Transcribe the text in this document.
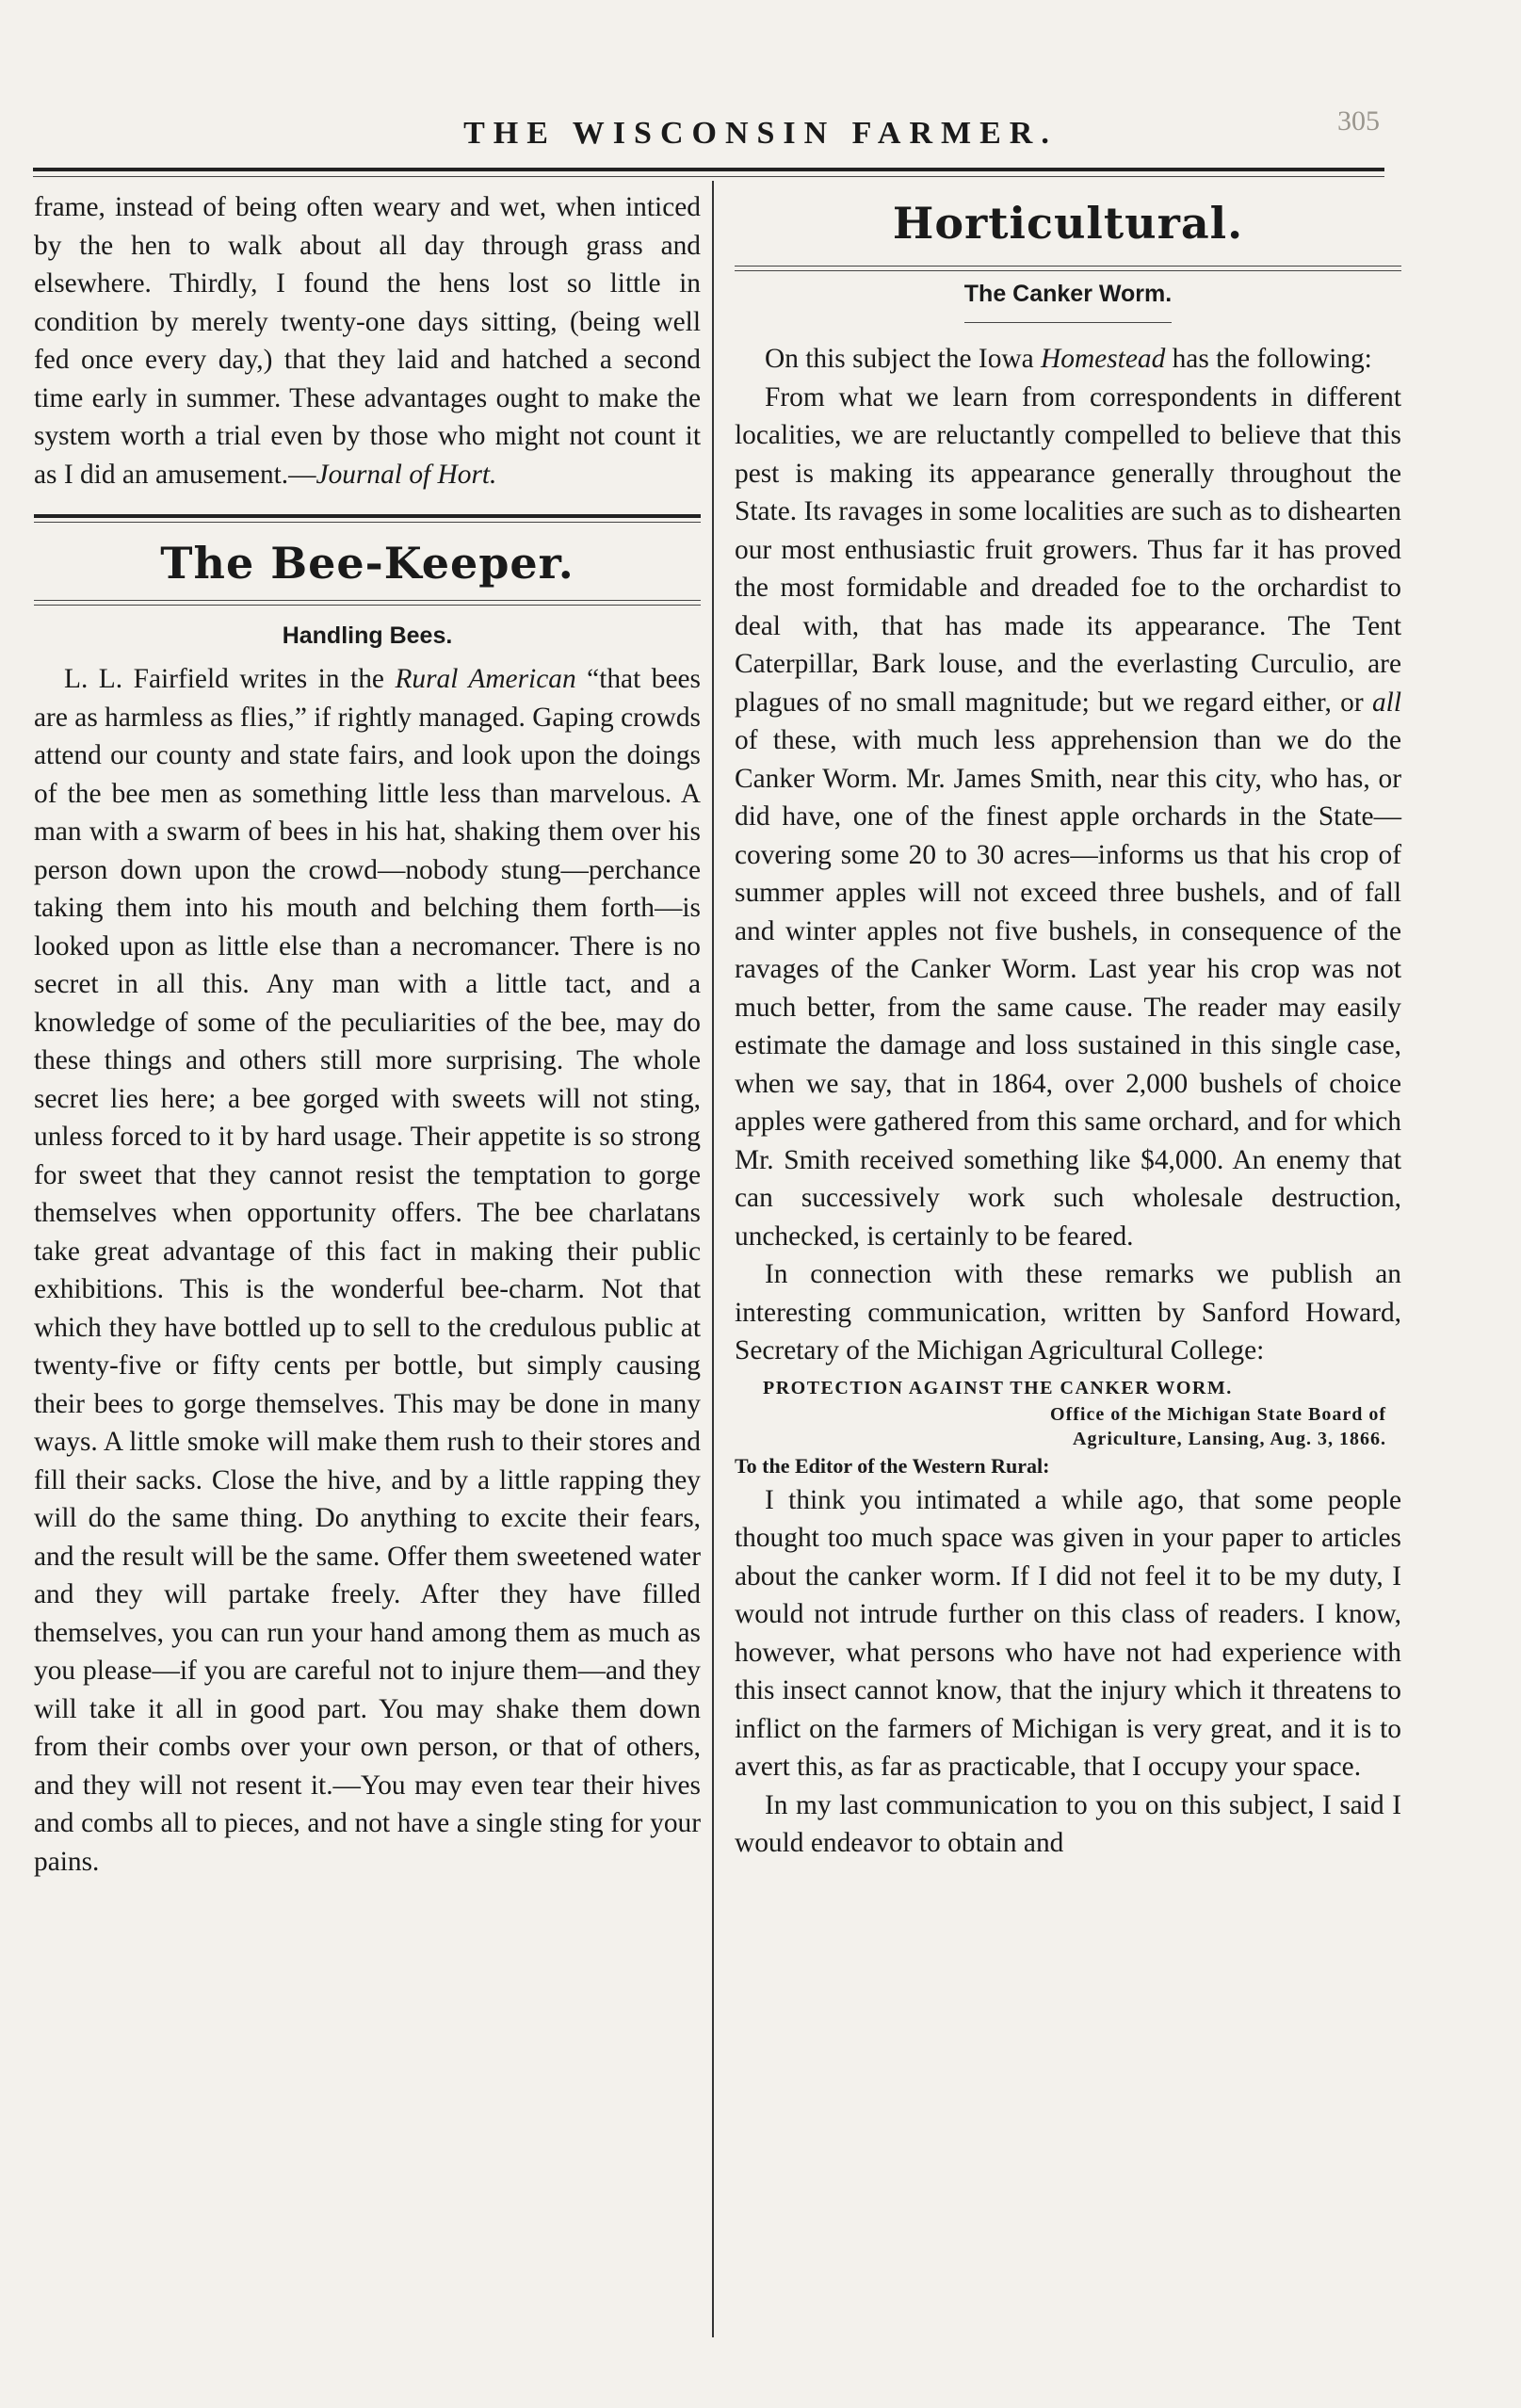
THE WISCONSIN FARMER.	305

frame, instead of being often weary and wet, when inticed by the hen to walk about all day through grass and elsewhere. Thirdly, I found the hens lost so little in condition by merely twenty-one days sitting, (being well fed once every day,) that they laid and hatched a second time early in summer. These advantages ought to make the system worth a trial even by those who might not count it as I did an amusement.—Journal of Hort.

The Bee-Keeper.
Handling Bees.

L. L. Fairfield writes in the Rural American “that bees are as harmless as flies,” if rightly managed. Gaping crowds attend our county and state fairs, and look upon the doings of the bee men as something little less than marvelous. A man with a swarm of bees in his hat, shaking them over his person down upon the crowd—nobody stung—perchance taking them into his mouth and belching them forth—is looked upon as little else than a necromancer. There is no secret in all this. Any man with a little tact, and a knowledge of some of the peculiarities of the bee, may do these things and others still more surprising. The whole secret lies here; a bee gorged with sweets will not sting, unless forced to it by hard usage. Their appetite is so strong for sweet that they cannot resist the temptation to gorge themselves when opportunity offers. The bee charlatans take great advantage of this fact in making their public exhibitions. This is the wonderful bee-charm. Not that which they have bottled up to sell to the credulous public at twenty-five or fifty cents per bottle, but simply causing their bees to gorge themselves. This may be done in many ways. A little smoke will make them rush to their stores and fill their sacks. Close the hive, and by a little rapping they will do the same thing. Do anything to excite their fears, and the result will be the same. Offer them sweetened water and they will partake freely. After they have filled themselves, you can run your hand among them as much as you please—if you are careful not to injure them—and they will take it all in good part. You may shake them down from their combs over your own person, or that of others, and they will not resent it.—You may even tear their hives and combs all to pieces, and not have a single sting for your pains.

Horticultural.
The Canker Worm.

On this subject the Iowa Homestead has the following:

From what we learn from correspondents in different localities, we are reluctantly compelled to believe that this pest is making its appearance generally throughout the State. Its ravages in some localities are such as to dishearten our most enthusiastic fruit growers. Thus far it has proved the most formidable and dreaded foe to the orchardist to deal with, that has made its appearance. The Tent Caterpillar, Bark louse, and the everlasting Curculio, are plagues of no small magnitude; but we regard either, or all of these, with much less apprehension than we do the Canker Worm. Mr. James Smith, near this city, who has, or did have, one of the finest apple orchards in the State—covering some 20 to 30 acres—informs us that his crop of summer apples will not exceed three bushels, and of fall and winter apples not five bushels, in consequence of the ravages of the Canker Worm. Last year his crop was not much better, from the same cause. The reader may easily estimate the damage and loss sustained in this single case, when we say, that in 1864, over 2,000 bushels of choice apples were gathered from this same orchard, and for which Mr. Smith received something like $4,000. An enemy that can successively work such wholesale destruction, unchecked, is certainly to be feared.

In connection with these remarks we publish an interesting communication, written by Sanford Howard, Secretary of the Michigan Agricultural College:

PROTECTION AGAINST THE CANKER WORM.
Office of the Michigan State Board of
Agriculture, Lansing, Aug. 3, 1866.
To the Editor of the Western Rural:

I think you intimated a while ago, that some people thought too much space was given in your paper to articles about the canker worm. If I did not feel it to be my duty, I would not intrude further on this class of readers. I know, however, what persons who have not had experience with this insect cannot know, that the injury which it threatens to inflict on the farmers of Michigan is very great, and it is to avert this, as far as practicable, that I occupy your space.

In my last communication to you on this subject, I said I would endeavor to obtain and
